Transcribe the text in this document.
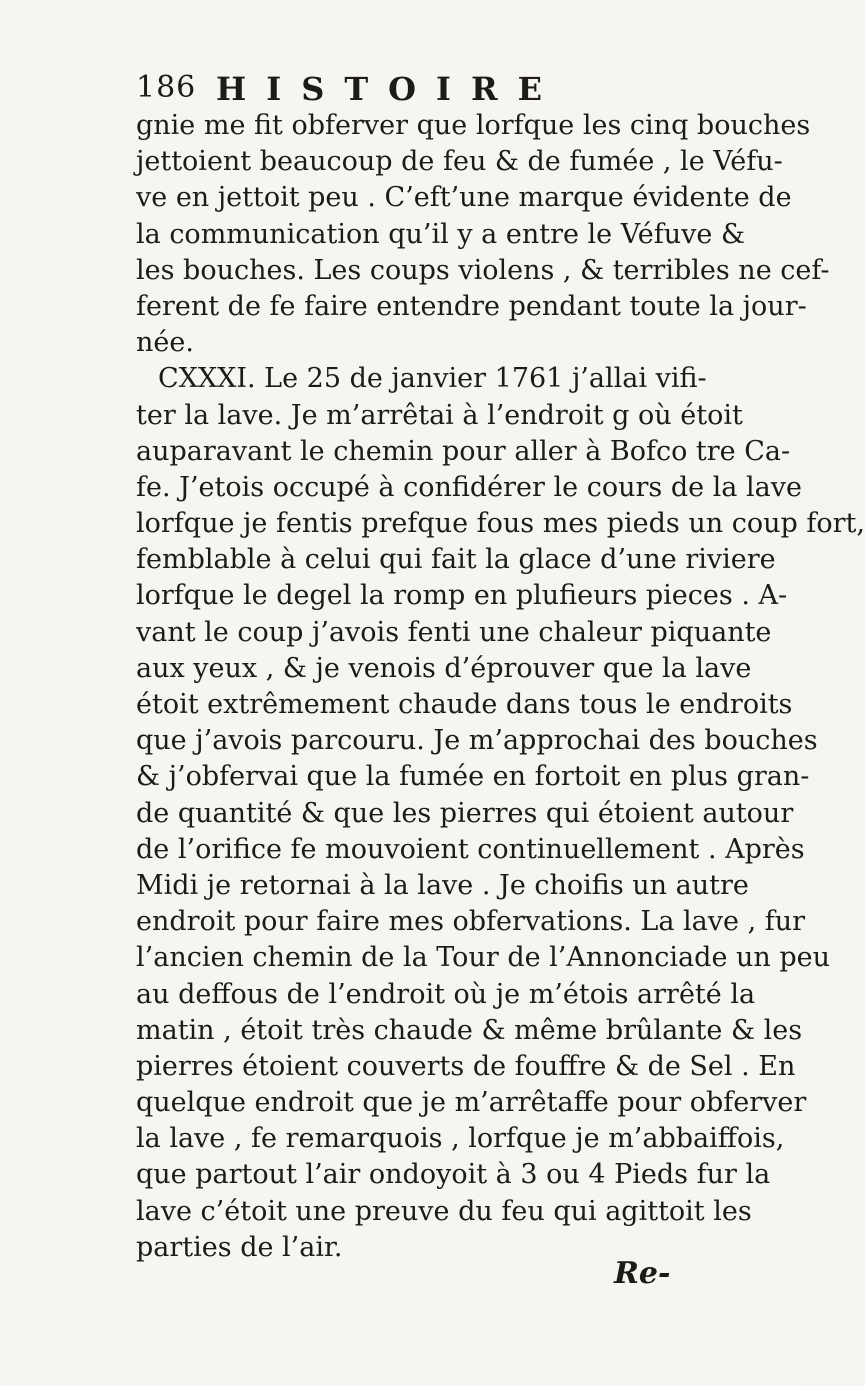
186 HISTOIRE
gnie me fit obferver que lorfque les cinq bouches
jettoient beaucoup de feu & de fumée , le Véfu-
ve en jettoit peu . C’eft’une marque évidente de
la communication qu’il y a entre le Véfuve &
les bouches. Les coups violens , & terribles ne cef-
ferent de fe faire entendre pendant toute la jour-
née.
CXXXI. Le 25 de janvier 1761 j’allai vifi-
ter la lave. Je m’arrêtai à l’endroit g où étoit
auparavant le chemin pour aller à Bofco tre Ca-
fe. J’etois occupé à confidérer le cours de la lave
lorfque je fentis prefque fous mes pieds un coup fort,
femblable à celui qui fait la glace d’une riviere
lorfque le degel la romp en plufieurs pieces . A-
vant le coup j’avois fenti une chaleur piquante
aux yeux , & je venois d’éprouver que la lave
étoit extrêmement chaude dans tous le endroits
que j’avois parcouru. Je m’approchai des bouches
& j’obfervai que la fumée en fortoit en plus gran-
de quantité & que les pierres qui étoient autour
de l’orifice fe mouvoient continuellement . Après
Midi je retornai à la lave . Je choifis un autre
endroit pour faire mes obfervations. La lave , fur
l’ancien chemin de la Tour de l’Annonciade un peu
au deffous de l’endroit où je m’étois arrêté la
matin , étoit très chaude & même brûlante & les
pierres étoient couverts de fouffre & de Sel . En
quelque endroit que je m’arrêtaffe pour obferver
la lave , fe remarquois , lorfque je m’abbaiffois,
que partout l’air ondoyoit à 3 ou 4 Pieds fur la
lave c’étoit une preuve du feu qui agittoit les
parties de l’air.
Re-
